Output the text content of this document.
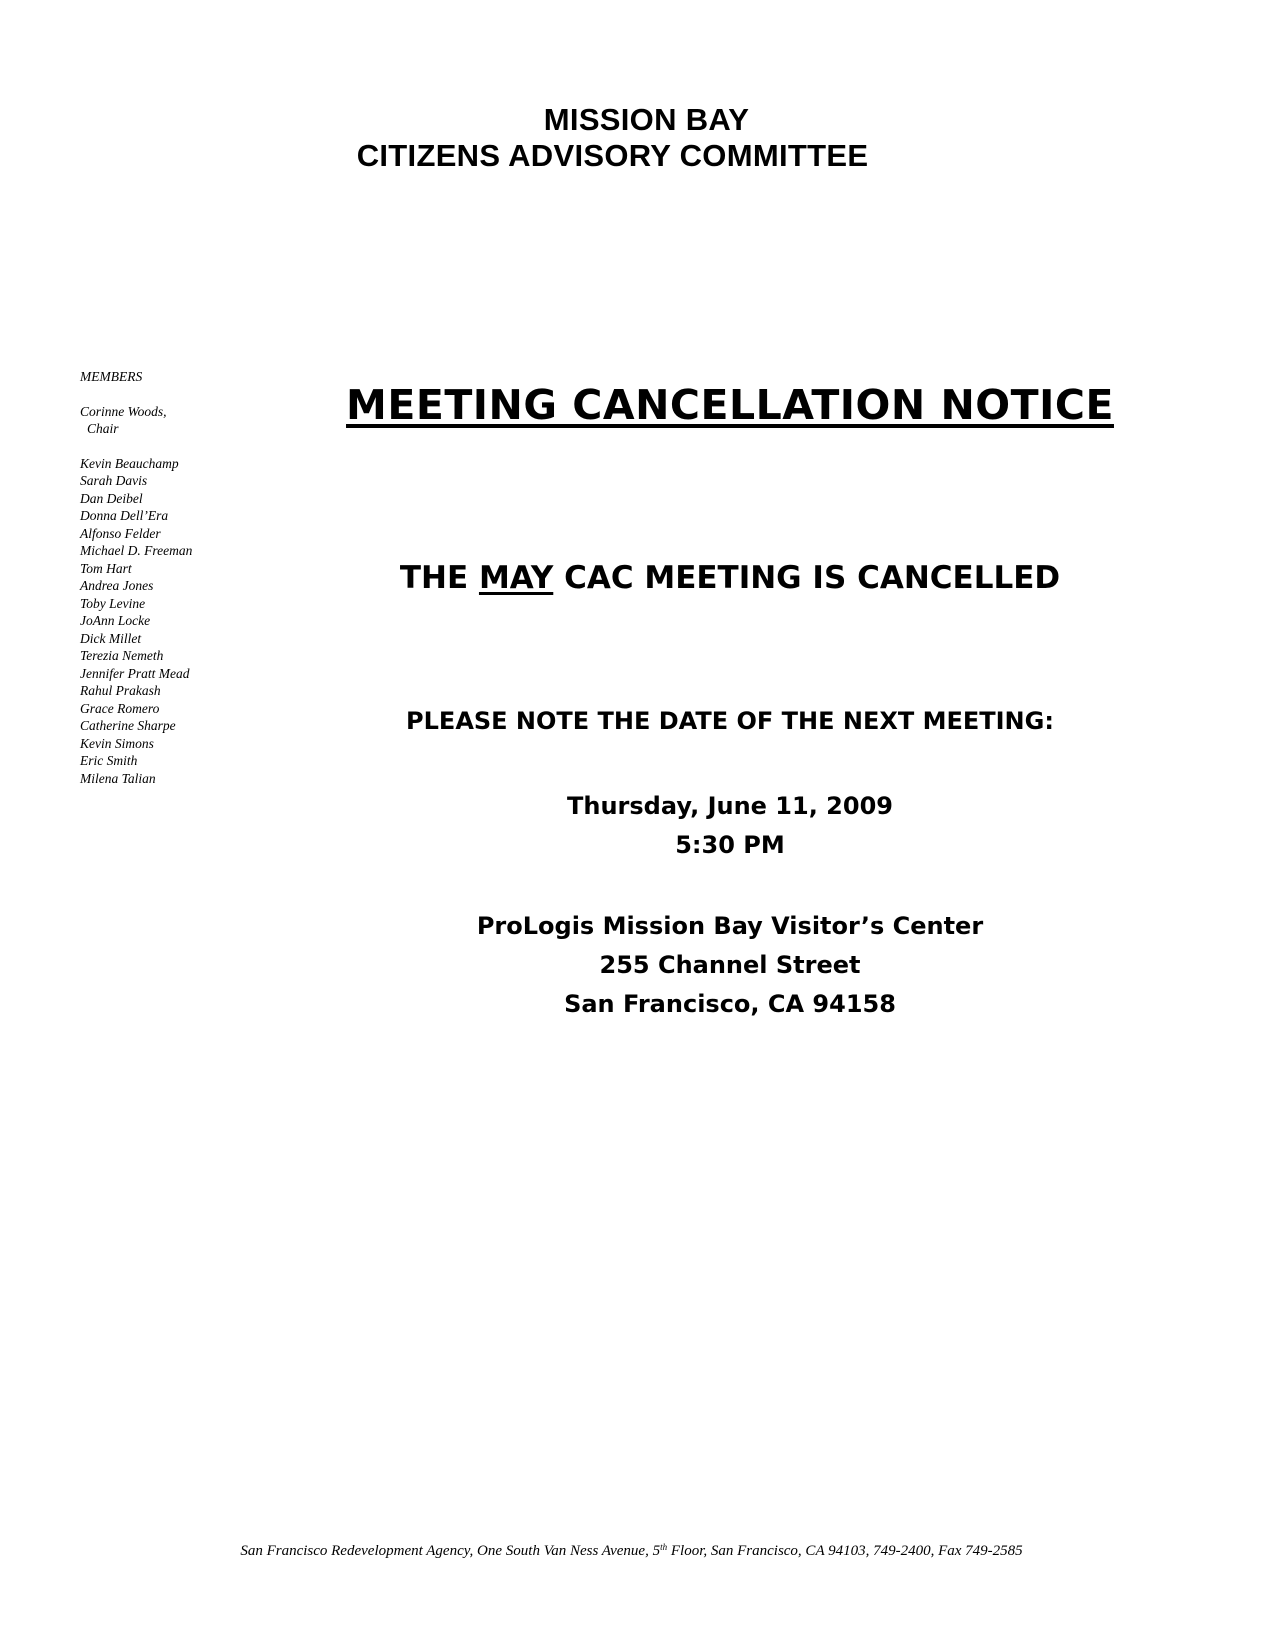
MISSION BAY
CITIZENS ADVISORY COMMITTEE
MEMBERS
Corinne Woods,
Chair
Kevin Beauchamp
Sarah Davis
Dan Deibel
Donna Dell’Era
Alfonso Felder
Michael D. Freeman
Tom Hart
Andrea Jones
Toby Levine
JoAnn Locke
Dick Millet
Terezia Nemeth
Jennifer Pratt Mead
Rahul Prakash
Grace Romero
Catherine Sharpe
Kevin Simons
Eric Smith
Milena Talian
MEETING CANCELLATION NOTICE
THE MAY CAC MEETING IS CANCELLED
PLEASE NOTE THE DATE OF THE NEXT MEETING:
Thursday, June 11, 2009
5:30 PM
ProLogis Mission Bay Visitor’s Center
255 Channel Street
San Francisco, CA 94158
San Francisco Redevelopment Agency, One South Van Ness Avenue, 5th Floor, San Francisco, CA 94103, 749-2400, Fax 749-2585
